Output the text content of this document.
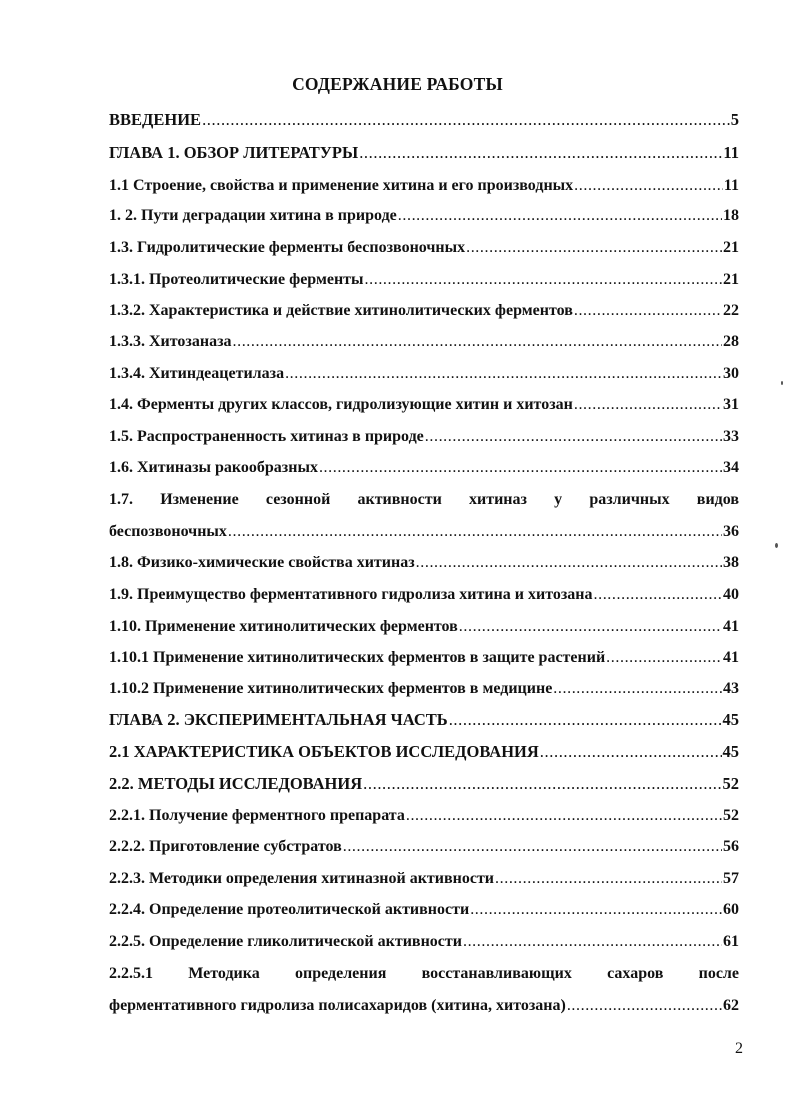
СОДЕРЖАНИЕ РАБОТЫ
ВВЕДЕНИЕ .....	5
ГЛАВА 1. ОБЗОР ЛИТЕРАТУРЫ .....	11
1.1 Строение, свойства и применение хитина и его производных .....	11
1. 2. Пути деградации хитина в природе .....	18
1.3. Гидролитические ферменты беспозвоночных .....	21
1.3.1. Протеолитические ферменты .....	21
1.3.2. Характеристика и действие хитинолитических ферментов .....	22
1.3.3. Хитозаназа .....	28
1.3.4. Хитиндеацетилаза .....	30
1.4. Ферменты других классов, гидролизующие хитин и хитозан .....	31
1.5. Распространенность хитиназ в природе .....	33
1.6. Хитиназы ракообразных .....	34
1.7. Изменение сезонной активности хитиназ у различных видов
беспозвоночных .....	36
1.8. Физико-химические свойства хитиназ .....	38
1.9. Преимущество ферментативного гидролиза хитина и хитозана .....	40
1.10. Применение хитинолитических ферментов .....	41
1.10.1 Применение хитинолитических ферментов в защите растений .....	41
1.10.2 Применение хитинолитических ферментов в медицине .....	43
ГЛАВА 2. ЭКСПЕРИМЕНТАЛЬНАЯ ЧАСТЬ .....	45
2.1 ХАРАКТЕРИСТИКА ОБЪЕКТОВ ИССЛЕДОВАНИЯ .....	45
2.2. МЕТОДЫ ИССЛЕДОВАНИЯ .....	52
2.2.1. Получение ферментного препарата .....	52
2.2.2. Приготовление субстратов .....	56
2.2.3. Методики определения хитиназной активности .....	57
2.2.4. Определение протеолитической активности .....	60
2.2.5. Определение гликолитической активности .....	61
2.2.5.1 Методика определения восстанавливающих сахаров после
ферментативного гидролиза полисахаридов (хитина, хитозана) .....	62
2
